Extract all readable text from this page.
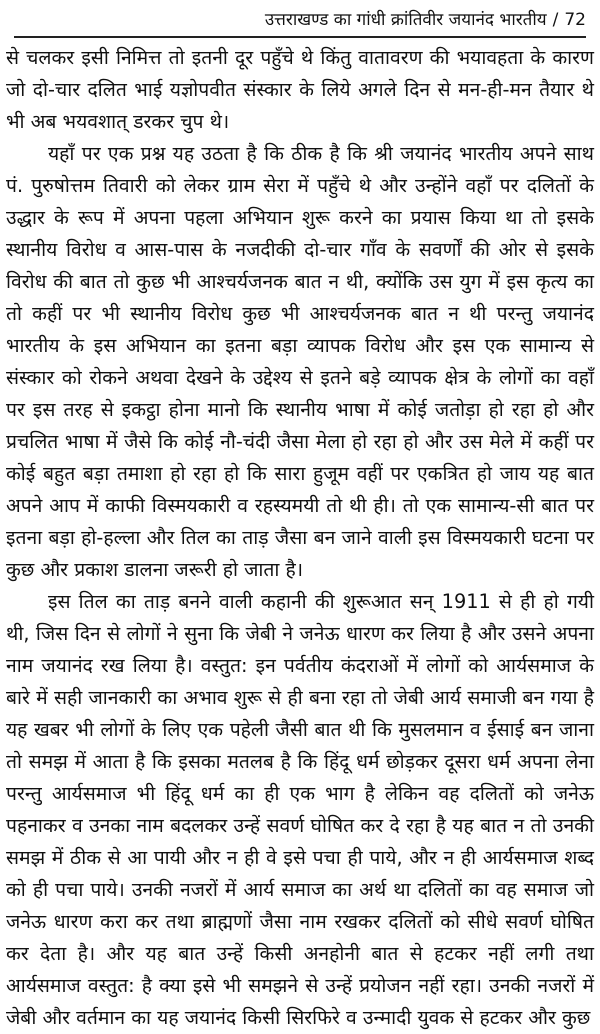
उत्तराखण्ड का गांधी क्रांतिवीर जयानंद भारतीय / 72

से चलकर इसी निमित्त तो इतनी दूर पहुँचे थे किंतु वातावरण की भयावहता के कारण जो दो-चार दलित भाई यज्ञोपवीत संस्कार के लिये अगले दिन से मन-ही-मन तैयार थे भी अब भयवशात् डरकर चुप थे।

यहाँ पर एक प्रश्न यह उठता है कि ठीक है कि श्री जयानंद भारतीय अपने साथ पं. पुरुषोत्तम तिवारी को लेकर ग्राम सेरा में पहुँचे थे और उन्होंने वहाँ पर दलितों के उद्धार के रूप में अपना पहला अभियान शुरू करने का प्रयास किया था तो इसके स्थानीय विरोध व आस-पास के नजदीकी दो-चार गाँव के सवर्णों की ओर से इसके विरोध की बात तो कुछ भी आश्चर्यजनक बात न थी, क्योंकि उस युग में इस कृत्य का तो कहीं पर भी स्थानीय विरोध कुछ भी आश्चर्यजनक बात न थी परन्तु जयानंद भारतीय के इस अभियान का इतना बड़ा व्यापक विरोध और इस एक सामान्य से संस्कार को रोकने अथवा देखने के उद्देश्य से इतने बड़े व्यापक क्षेत्र के लोगों का वहाँ पर इस तरह से इकट्ठा होना मानो कि स्थानीय भाषा में कोई जतोड़ा हो रहा हो और प्रचलित भाषा में जैसे कि कोई नौ-चंदी जैसा मेला हो रहा हो और उस मेले में कहीं पर कोई बहुत बड़ा तमाशा हो रहा हो कि सारा हुजूम वहीं पर एकत्रित हो जाय यह बात अपने आप में काफी विस्मयकारी व रहस्यमयी तो थी ही। तो एक सामान्य-सी बात पर इतना बड़ा हो-हल्ला और तिल का ताड़ जैसा बन जाने वाली इस विस्मयकारी घटना पर कुछ और प्रकाश डालना जरूरी हो जाता है।

इस तिल का ताड़ बनने वाली कहानी की शुरूआत सन् 1911 से ही हो गयी थी, जिस दिन से लोगों ने सुना कि जेबी ने जनेऊ धारण कर लिया है और उसने अपना नाम जयानंद रख लिया है। वस्तुत: इन पर्वतीय कंदराओं में लोगों को आर्यसमाज के बारे में सही जानकारी का अभाव शुरू से ही बना रहा तो जेबी आर्य समाजी बन गया है यह खबर भी लोगों के लिए एक पहेली जैसी बात थी कि मुसलमान व ईसाई बन जाना तो समझ में आता है कि इसका मतलब है कि हिंदू धर्म छोड़कर दूसरा धर्म अपना लेना परन्तु आर्यसमाज भी हिंदू धर्म का ही एक भाग है लेकिन वह दलितों को जनेऊ पहनाकर व उनका नाम बदलकर उन्हें सवर्ण घोषित कर दे रहा है यह बात न तो उनकी समझ में ठीक से आ पायी और न ही वे इसे पचा ही पाये, और न ही आर्यसमाज शब्द को ही पचा पाये। उनकी नजरों में आर्य समाज का अर्थ था दलितों का वह समाज जो जनेऊ धारण करा कर तथा ब्राह्मणों जैसा नाम रखकर दलितों को सीधे सवर्ण घोषित कर देता है। और यह बात उन्हें किसी अनहोनी बात से हटकर नहीं लगी तथा आर्यसमाज वस्तुत: है क्या इसे भी समझने से उन्हें प्रयोजन नहीं रहा। उनकी नजरों में जेबी और वर्तमान का यह जयानंद किसी सिरफिरे व उन्मादी युवक से हटकर और कुछ
